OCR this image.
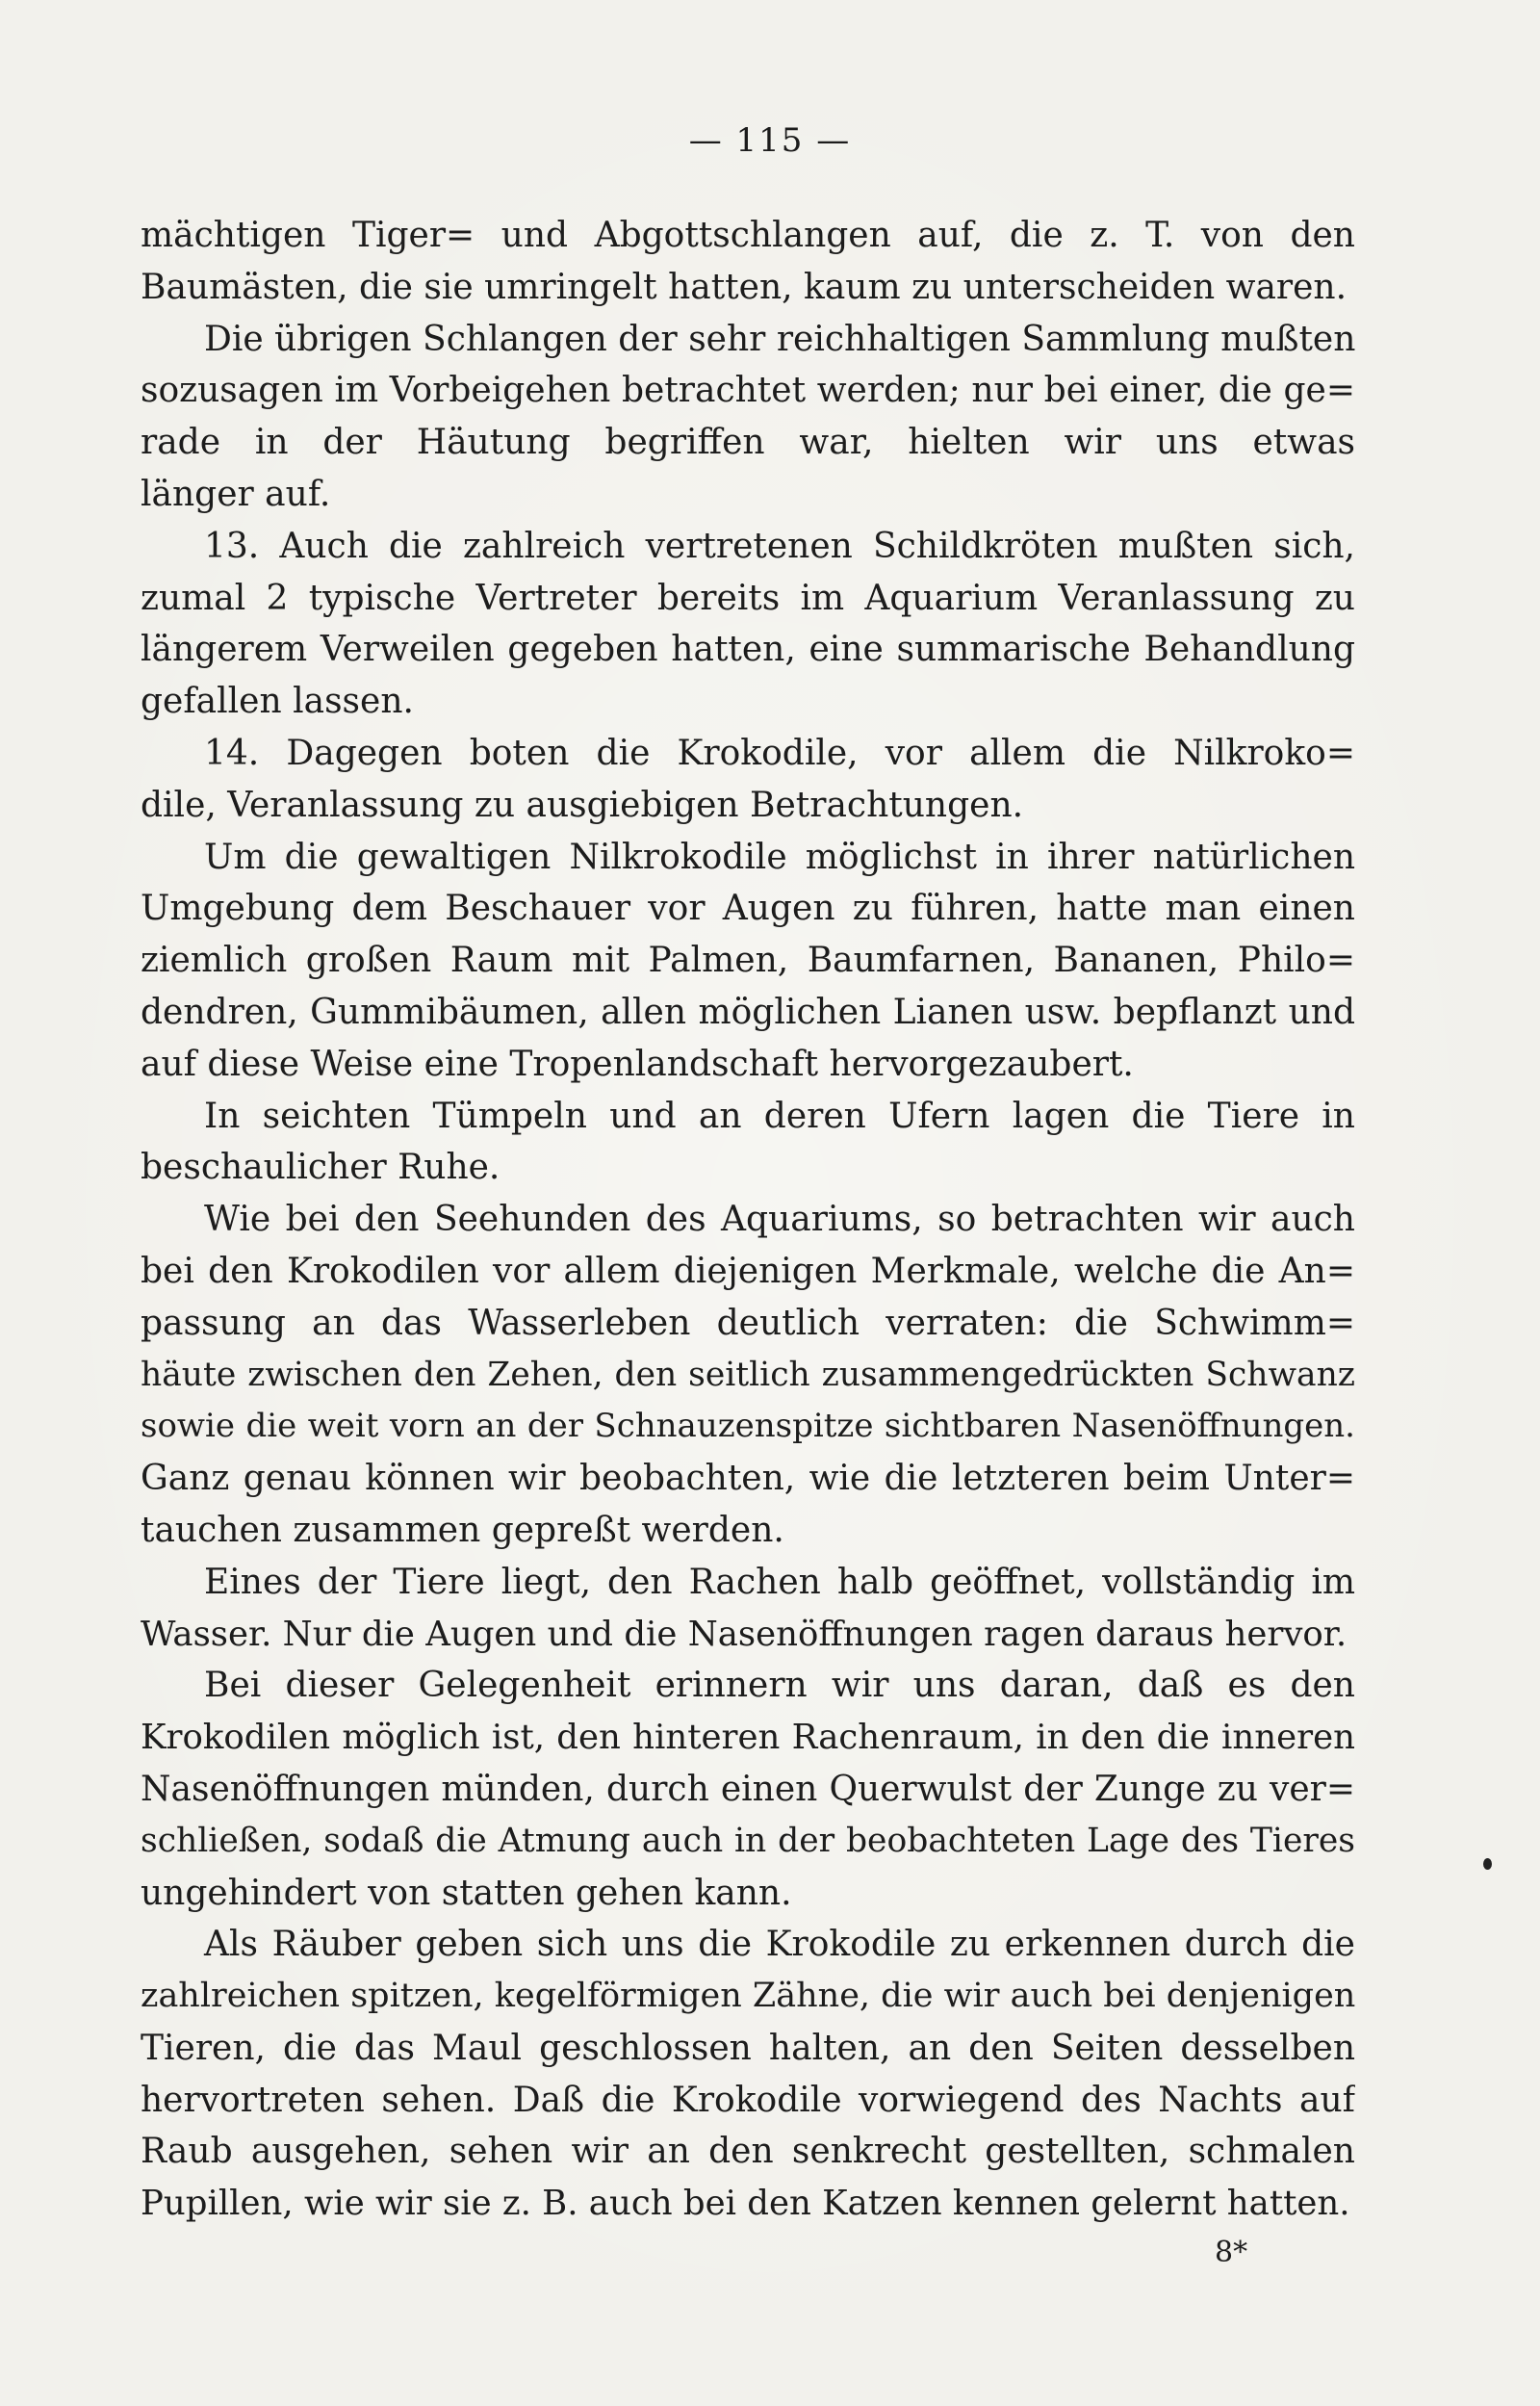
— 115 —
mächtigen Tiger= und Abgottschlangen auf, die z. T. von den
Baumästen, die sie umringelt hatten, kaum zu unterscheiden waren.
Die übrigen Schlangen der sehr reichhaltigen Sammlung mußten
sozusagen im Vorbeigehen betrachtet werden; nur bei einer, die ge=
rade in der Häutung begriffen war, hielten wir uns etwas
länger auf.
13. Auch die zahlreich vertretenen Schildkröten mußten sich,
zumal 2 typische Vertreter bereits im Aquarium Veranlassung zu
längerem Verweilen gegeben hatten, eine summarische Behandlung
gefallen lassen.
14. Dagegen boten die Krokodile, vor allem die Nilkroko=
dile, Veranlassung zu ausgiebigen Betrachtungen.
Um die gewaltigen Nilkrokodile möglichst in ihrer natürlichen
Umgebung dem Beschauer vor Augen zu führen, hatte man einen
ziemlich großen Raum mit Palmen, Baumfarnen, Bananen, Philo=
dendren, Gummibäumen, allen möglichen Lianen usw. bepflanzt und
auf diese Weise eine Tropenlandschaft hervorgezaubert.
In seichten Tümpeln und an deren Ufern lagen die Tiere in
beschaulicher Ruhe.
Wie bei den Seehunden des Aquariums, so betrachten wir auch
bei den Krokodilen vor allem diejenigen Merkmale, welche die An=
passung an das Wasserleben deutlich verraten: die Schwimm=
häute zwischen den Zehen, den seitlich zusammengedrückten Schwanz
sowie die weit vorn an der Schnauzenspitze sichtbaren Nasenöffnungen.
Ganz genau können wir beobachten, wie die letzteren beim Unter=
tauchen zusammen gepreßt werden.
Eines der Tiere liegt, den Rachen halb geöffnet, vollständig im
Wasser. Nur die Augen und die Nasenöffnungen ragen daraus hervor.
Bei dieser Gelegenheit erinnern wir uns daran, daß es den
Krokodilen möglich ist, den hinteren Rachenraum, in den die inneren
Nasenöffnungen münden, durch einen Querwulst der Zunge zu ver=
schließen, sodaß die Atmung auch in der beobachteten Lage des Tieres
ungehindert von statten gehen kann.
Als Räuber geben sich uns die Krokodile zu erkennen durch die
zahlreichen spitzen, kegelförmigen Zähne, die wir auch bei denjenigen
Tieren, die das Maul geschlossen halten, an den Seiten desselben
hervortreten sehen. Daß die Krokodile vorwiegend des Nachts auf
Raub ausgehen, sehen wir an den senkrecht gestellten, schmalen
Pupillen, wie wir sie z. B. auch bei den Katzen kennen gelernt hatten.
8*
